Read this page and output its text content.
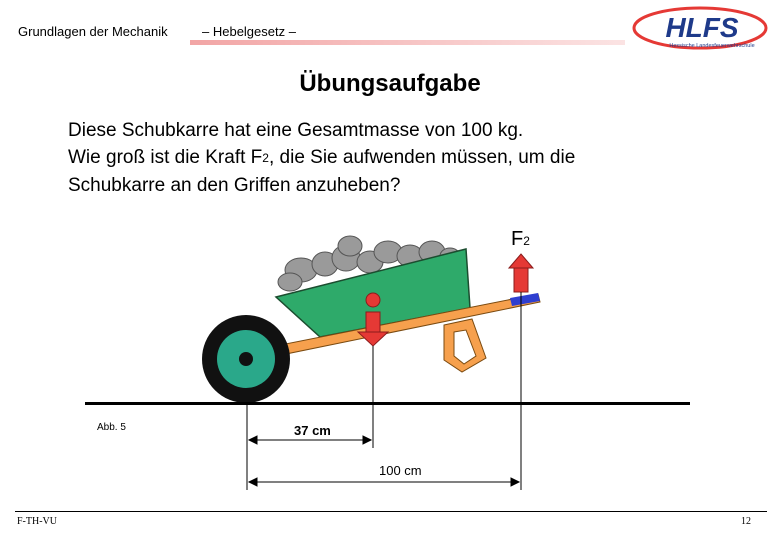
Grundlagen der Mechanik	– Hebelgesetz –	HLFS
Hessische Landesfeuerwehrschule
Übungsaufgabe
Diese Schubkarre hat eine Gesamtmasse von 100 kg.
Wie groß ist die Kraft $F_2$, die Sie aufwenden müssen, um die
Schubkarre an den Griffen anzuheben?
F2
Abb. 5	37 cm
100 cm
F-TH-VU	12
